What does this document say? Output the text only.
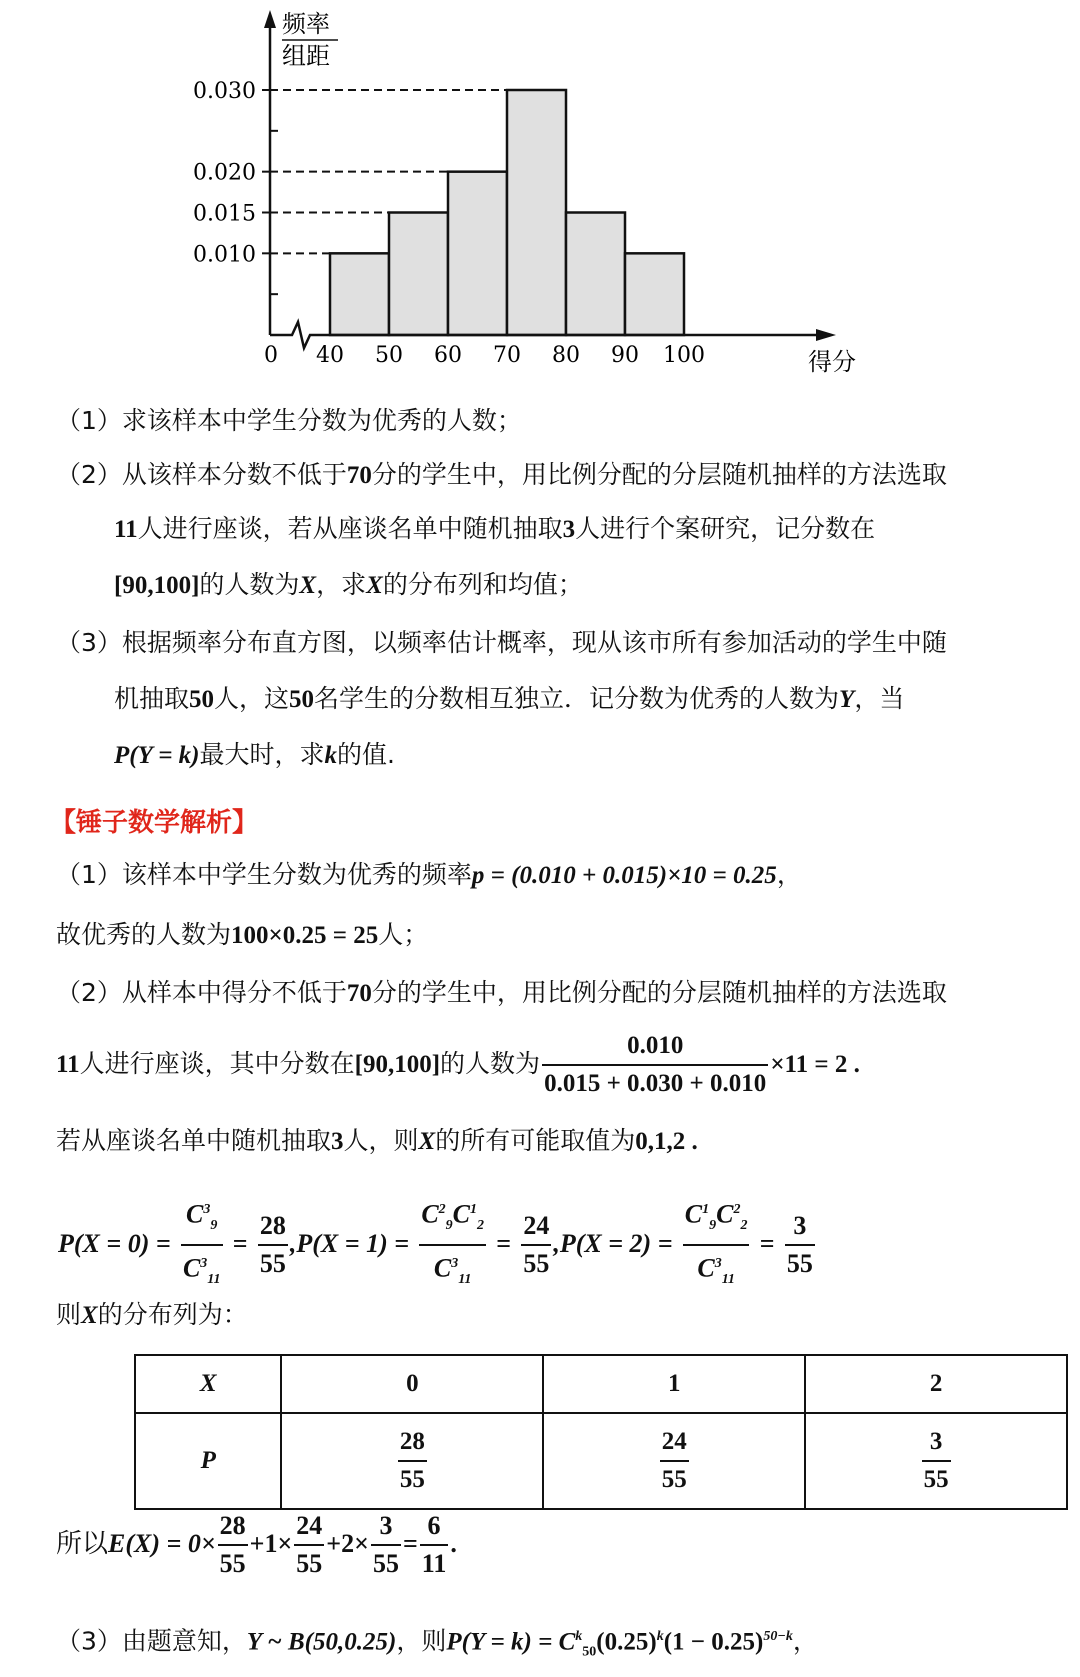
0.030
0.020
0.015
0.010
40 50 60 70 80 90 100
频率
组距
得分
0
（1）求该样本中学生分数为优秀的人数；
（2）从该样本分数不低于70分的学生中，用比例分配的分层随机抽样的方法选取
11人进行座谈，若从座谈名单中随机抽取3人进行个案研究，记分数在
[90,100]的人数为X，求X的分布列和均值；
（3）根据频率分布直方图，以频率估计概率，现从该市所有参加活动的学生中随
机抽取50人，这50名学生的分数相互独立．记分数为优秀的人数为Y，当
P(Y = k)最大时，求k的值.
【锤子数学解析】
（1）该样本中学生分数为优秀的频率p = (0.010 + 0.015)×10 = 0.25，
故优秀的人数为100×0.25 = 25人；
（2）从样本中得分不低于70分的学生中，用比例分配的分层随机抽样的方法选取
11人进行座谈，其中分数在[90,100]的人数为 $\frac{0.010}{0.015 + 0.030 + 0.010} \times 11 = 2$ .
若从座谈名单中随机抽取3人，则X的所有可能取值为0,1,2 .
$P(X = 0) = \frac{C^3_9}{C^3_{11}} = \frac{28}{55} ,P(X = 1) = \frac{C^2_9C^1_2}{C^3_{11}} = \frac{24}{55} ,P(X = 2) = \frac{C^1_9C^2_2}{C^3_{11}} = \frac{3}{55}$
则X的分布列为：
X	0	1	2
P	$\frac{28}{55}$	$\frac{24}{55}$	$\frac{3}{55}$
所以$E(X) = 0\times \frac{28}{55} +1\times \frac{24}{55} +2\times \frac{3}{55} = \frac{6}{11}$ .
（3）由题意知，Y ~ B(50,0.25)，则$P(Y = k) = C^k_{50}(0.25)^k(1 - 0.25)^{50-k}$，
